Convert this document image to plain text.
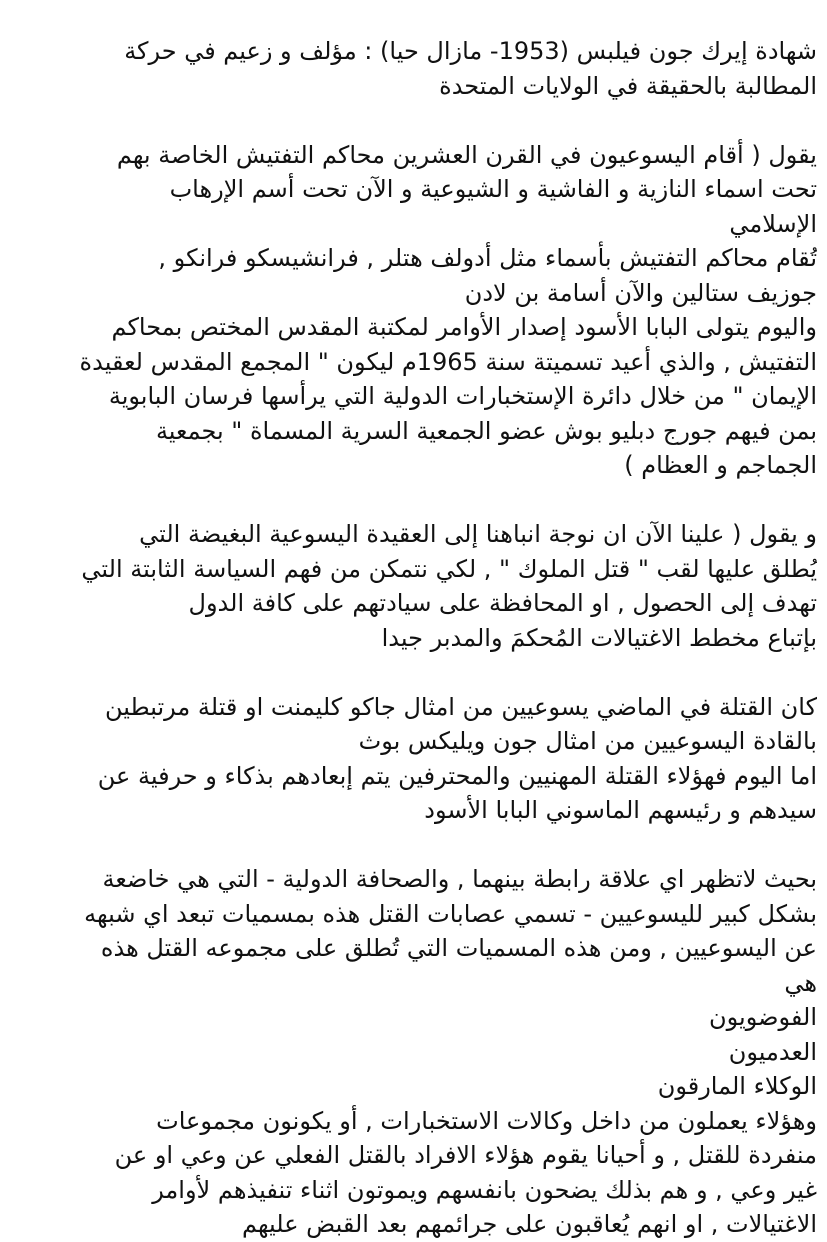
شهادة إيرك جون فيلبس (1953- مازال حيا) : مؤلف و زعيم في حركة
المطالبة بالحقيقة في الولايات المتحدة
يقول ( أقام اليسوعيون في القرن العشرين محاكم التفتيش الخاصة بهم
تحت اسماء النازية و الفاشية و الشيوعية و الآن تحت أسم الإرهاب
الإسلامي
تُقام محاكم التفتيش بأسماء مثل أدولف هتلر , فرانشيسكو فرانكو ,
جوزيف ستالين والآن أسامة بن لادن
واليوم يتولى البابا الأسود إصدار الأوامر لمكتبة المقدس المختص بمحاكم
التفتيش , والذي أعيد تسميتة سنة 1965م ليكون " المجمع المقدس لعقيدة
الإيمان " من خلال دائرة الإستخبارات الدولية التي يرأسها فرسان البابوية
بمن فيهم جورج دبليو بوش عضو الجمعية السرية المسماة " بجمعية
الجماجم و العظام )
و يقول ( علينا الآن ان نوجة انباهنا إلى العقيدة اليسوعية البغيضة التي
يُطلق عليها لقب " قتل الملوك " , لكي نتمكن من فهم السياسة الثابتة التي
تهدف إلى الحصول , او المحافظة على سيادتهم على كافة الدول
بإتباع مخطط الاغتيالات المُحكمَ والمدبر جيدا
كان القتلة في الماضي يسوعيين من امثال جاكو كليمنت او قتلة مرتبطين
بالقادة اليسوعيين من امثال جون ويليكس بوث
اما اليوم فهؤلاء القتلة المهنيين والمحترفين يتم إبعادهم بذكاء و حرفية عن
سيدهم و رئيسهم الماسوني البابا الأسود
بحيث لاتظهر اي علاقة رابطة بينهما , والصحافة الدولية - التي هي خاضعة
بشكل كبير لليسوعيين - تسمي عصابات القتل هذه بمسميات تبعد اي شبهه
عن اليسوعيين , ومن هذه المسميات التي تُطلق على مجموعه القتل هذه
هي
الفوضويون
العدميون
الوكلاء المارقون
وهؤلاء يعملون من داخل وكالات الاستخبارات , أو يكونون مجموعات
منفردة للقتل , و أحيانا يقوم هؤلاء الافراد بالقتل الفعلي عن وعي او عن
غير وعي , و هم بذلك يضحون بانفسهم ويموتون اثناء تنفيذهم لأوامر
الاغتيالات , او انهم يُعاقبون على جرائمهم بعد القبض عليهم
